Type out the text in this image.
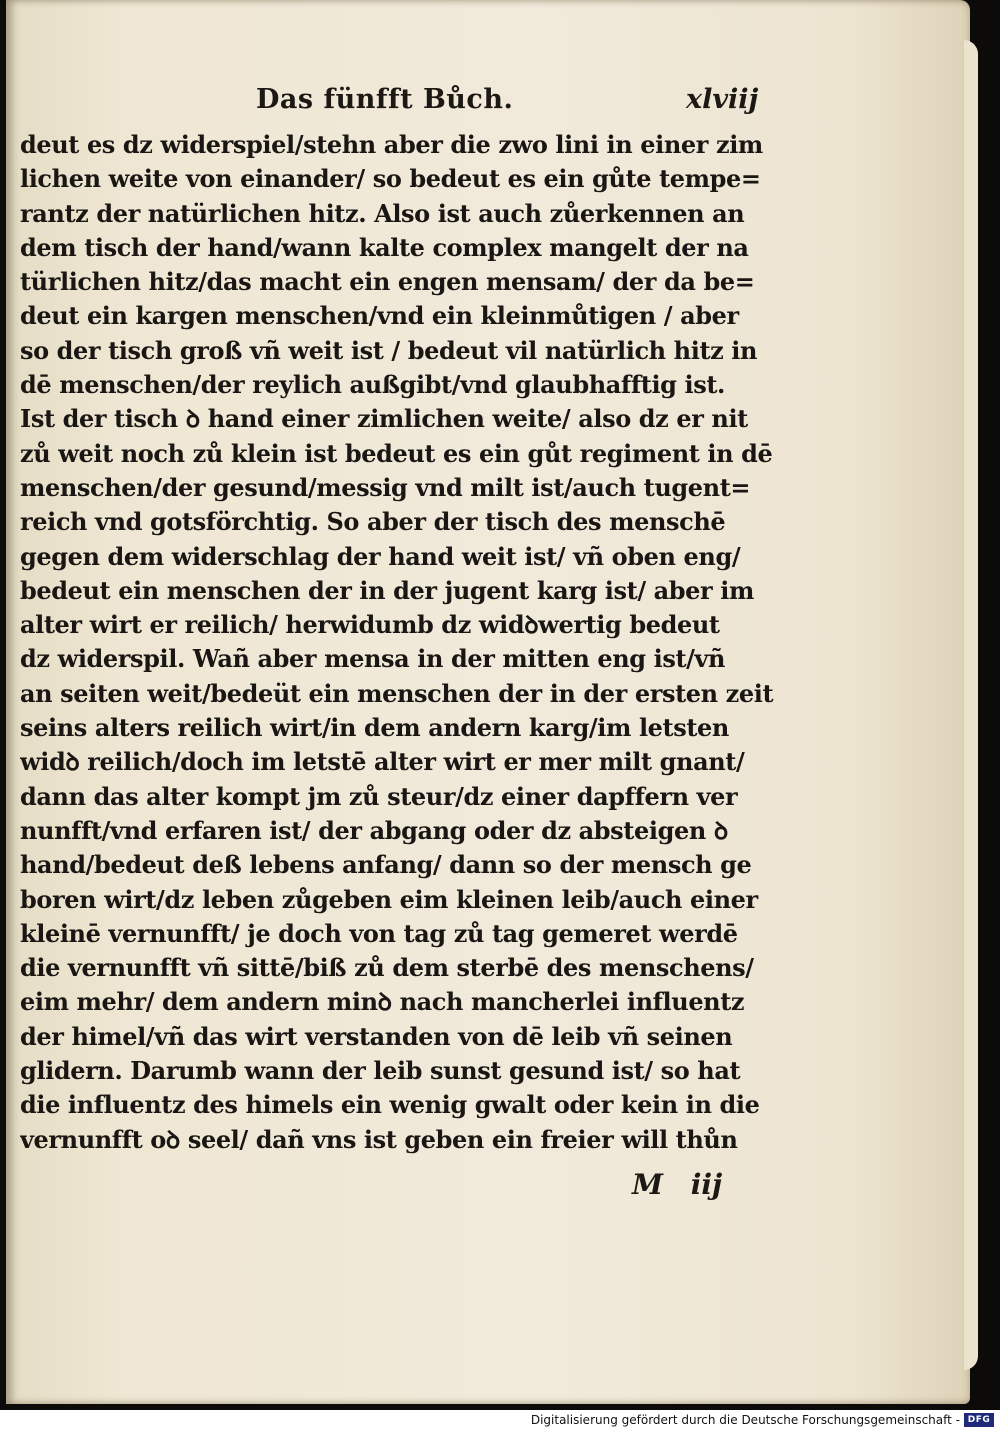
Das fünfft Bůch.	xlviij
deut es dz widerspiel/stehn aber die zwo lini in einer zim
lichen weite von einander/ so bedeut es ein gůte tempe=
rantz der natürlichen hitz. Also ist auch zůerkennen an
dem tisch der hand/wann kalte complex mangelt der na
türlichen hitz/das macht ein engen mensam/ der da be=
deut ein kargen menschen/vnd ein kleinmůtigen / aber
so der tisch groß vñ weit ist / bedeut vil natürlich hitz in
dē menschen/der reylich außgibt/vnd glaubhafftig ist.
Ist der tisch ꝺ hand einer zimlichen weite/ also dz er nit
zů weit noch zů klein ist bedeut es ein gůt regiment in dē
menschen/der gesund/messig vnd milt ist/auch tugent=
reich vnd gotsförchtig. So aber der tisch des menschē
gegen dem widerschlag der hand weit ist/ vñ oben eng/
bedeut ein menschen der in der jugent karg ist/ aber im
alter wirt er reilich/ herwidumb dz widꝺwertig bedeut
dz widerspil. Wañ aber mensa in der mitten eng ist/vñ
an seiten weit/bedeüt ein menschen der in der ersten zeit
seins alters reilich wirt/in dem andern karg/im letsten
widꝺ reilich/doch im letstē alter wirt er mer milt gnant/
dann das alter kompt jm zů steur/dz einer dapffern ver
nunfft/vnd erfaren ist/ der abgang oder dz absteigen ꝺ
hand/bedeut deß lebens anfang/ dann so der mensch ge
boren wirt/dz leben zůgeben eim kleinen leib/auch einer
kleinē vernunfft/ je doch von tag zů tag gemeret werdē
die vernunfft vñ sittē/biß zů dem sterbē des menschens/
eim mehr/ dem andern minꝺ nach mancherlei influentz
der himel/vñ das wirt verstanden von dē leib vñ seinen
glidern. Darumb wann der leib sunst gesund ist/ so hat
die influentz des himels ein wenig gwalt oder kein in die
vernunfft oꝺ seel/ dañ vns ist geben ein freier will thůn
M iij
Digitalisierung gefördert durch die Deutsche Forschungsgemeinschaft - DFG
